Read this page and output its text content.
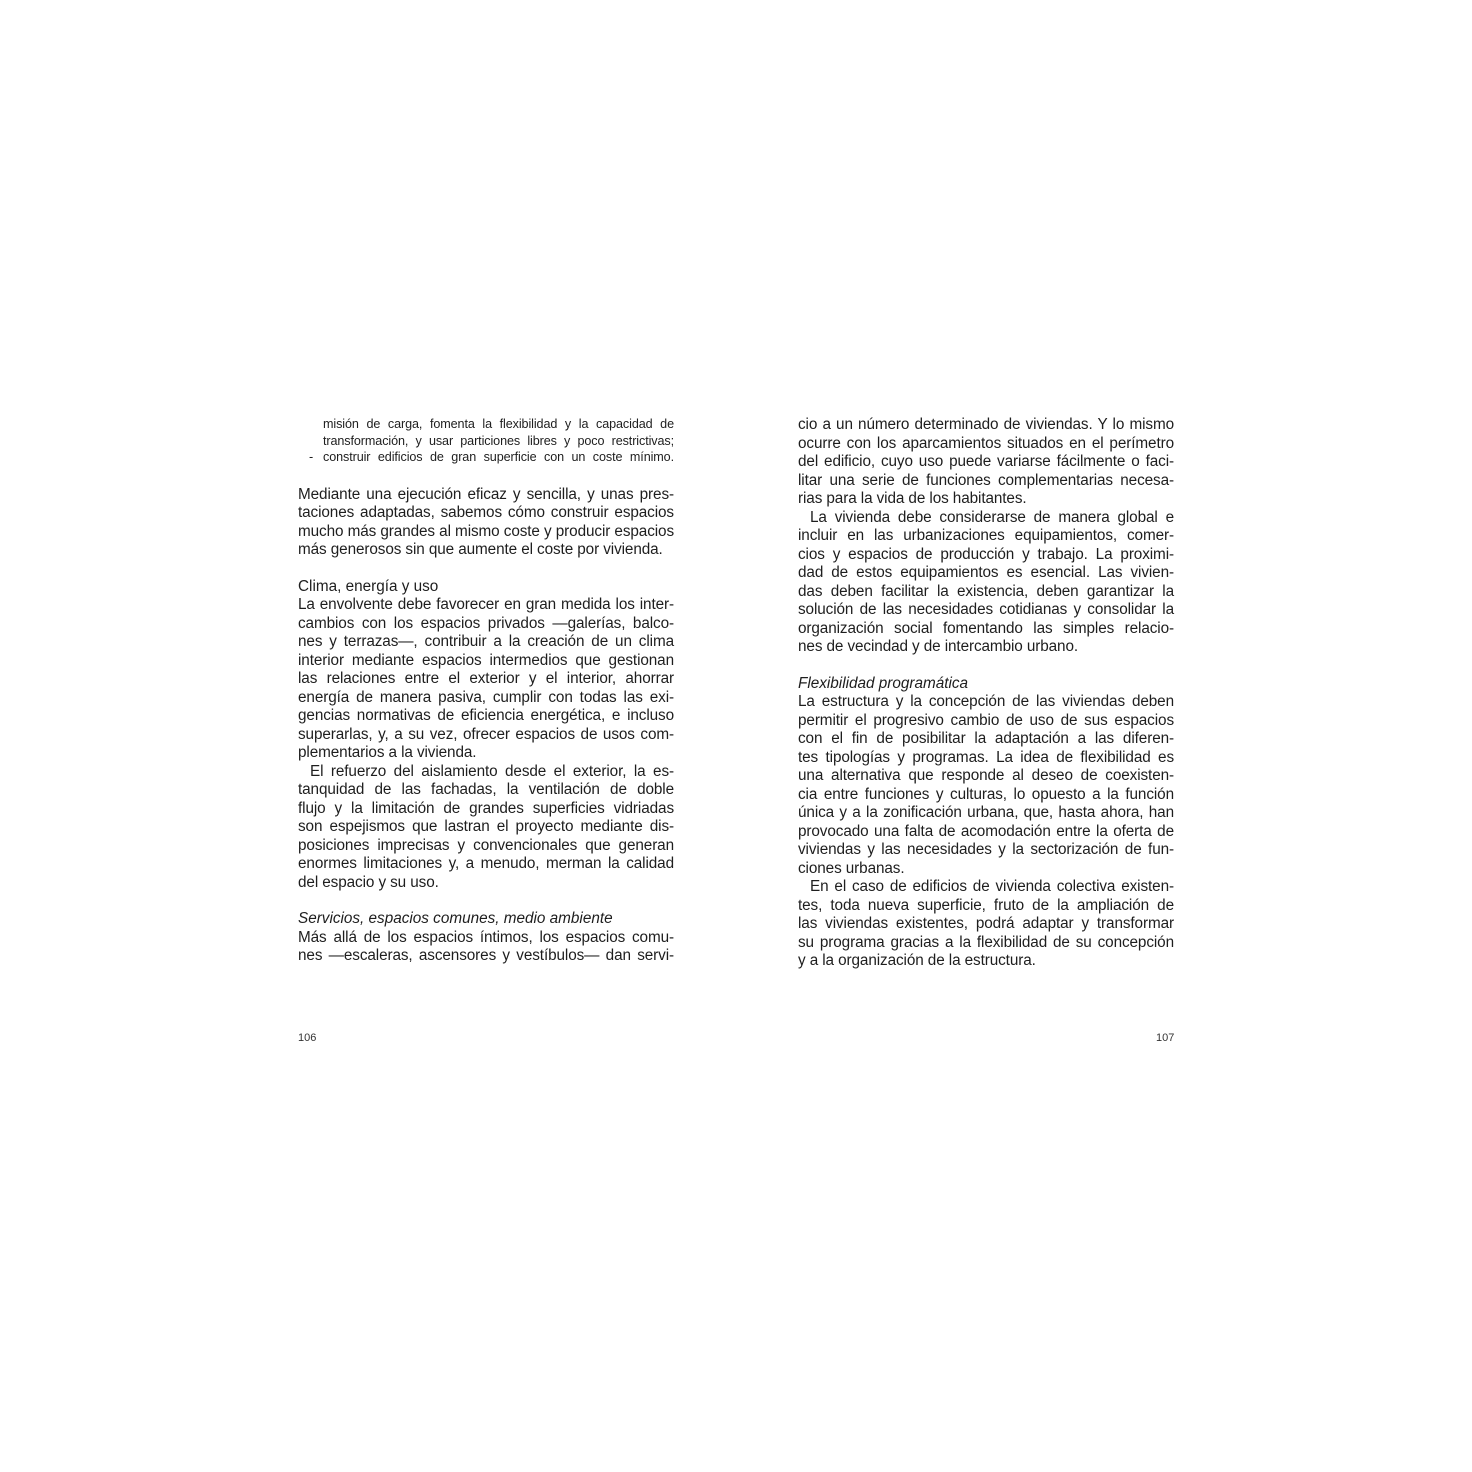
misión de carga, fomenta la flexibilidad y la capacidad de
transformación, y usar particiones libres y poco restrictivas;
- construir edificios de gran superficie con un coste mínimo.
Mediante una ejecución eficaz y sencilla, y unas pres-
taciones adaptadas, sabemos cómo construir espacios
mucho más grandes al mismo coste y producir espacios
más generosos sin que aumente el coste por vivienda.
Clima, energía y uso
La envolvente debe favorecer en gran medida los inter-
cambios con los espacios privados —galerías, balco-
nes y terrazas—, contribuir a la creación de un clima
interior mediante espacios intermedios que gestionan
las relaciones entre el exterior y el interior, ahorrar
energía de manera pasiva, cumplir con todas las exi-
gencias normativas de eficiencia energética, e incluso
superarlas, y, a su vez, ofrecer espacios de usos com-
plementarios a la vivienda.
El refuerzo del aislamiento desde el exterior, la es-
tanquidad de las fachadas, la ventilación de doble
flujo y la limitación de grandes superficies vidriadas
son espejismos que lastran el proyecto mediante dis-
posiciones imprecisas y convencionales que generan
enormes limitaciones y, a menudo, merman la calidad
del espacio y su uso.
Servicios, espacios comunes, medio ambiente
Más allá de los espacios íntimos, los espacios comu-
nes —escaleras, ascensores y vestíbulos— dan servi-
cio a un número determinado de viviendas. Y lo mismo
ocurre con los aparcamientos situados en el perímetro
del edificio, cuyo uso puede variarse fácilmente o faci-
litar una serie de funciones complementarias necesa-
rias para la vida de los habitantes.
La vivienda debe considerarse de manera global e
incluir en las urbanizaciones equipamientos, comer-
cios y espacios de producción y trabajo. La proximi-
dad de estos equipamientos es esencial. Las vivien-
das deben facilitar la existencia, deben garantizar la
solución de las necesidades cotidianas y consolidar la
organización social fomentando las simples relacio-
nes de vecindad y de intercambio urbano.
Flexibilidad programática
La estructura y la concepción de las viviendas deben
permitir el progresivo cambio de uso de sus espacios
con el fin de posibilitar la adaptación a las diferen-
tes tipologías y programas. La idea de flexibilidad es
una alternativa que responde al deseo de coexisten-
cia entre funciones y culturas, lo opuesto a la función
única y a la zonificación urbana, que, hasta ahora, han
provocado una falta de acomodación entre la oferta de
viviendas y las necesidades y la sectorización de fun-
ciones urbanas.
En el caso de edificios de vivienda colectiva existen-
tes, toda nueva superficie, fruto de la ampliación de
las viviendas existentes, podrá adaptar y transformar
su programa gracias a la flexibilidad de su concepción
y a la organización de la estructura.
106	107
